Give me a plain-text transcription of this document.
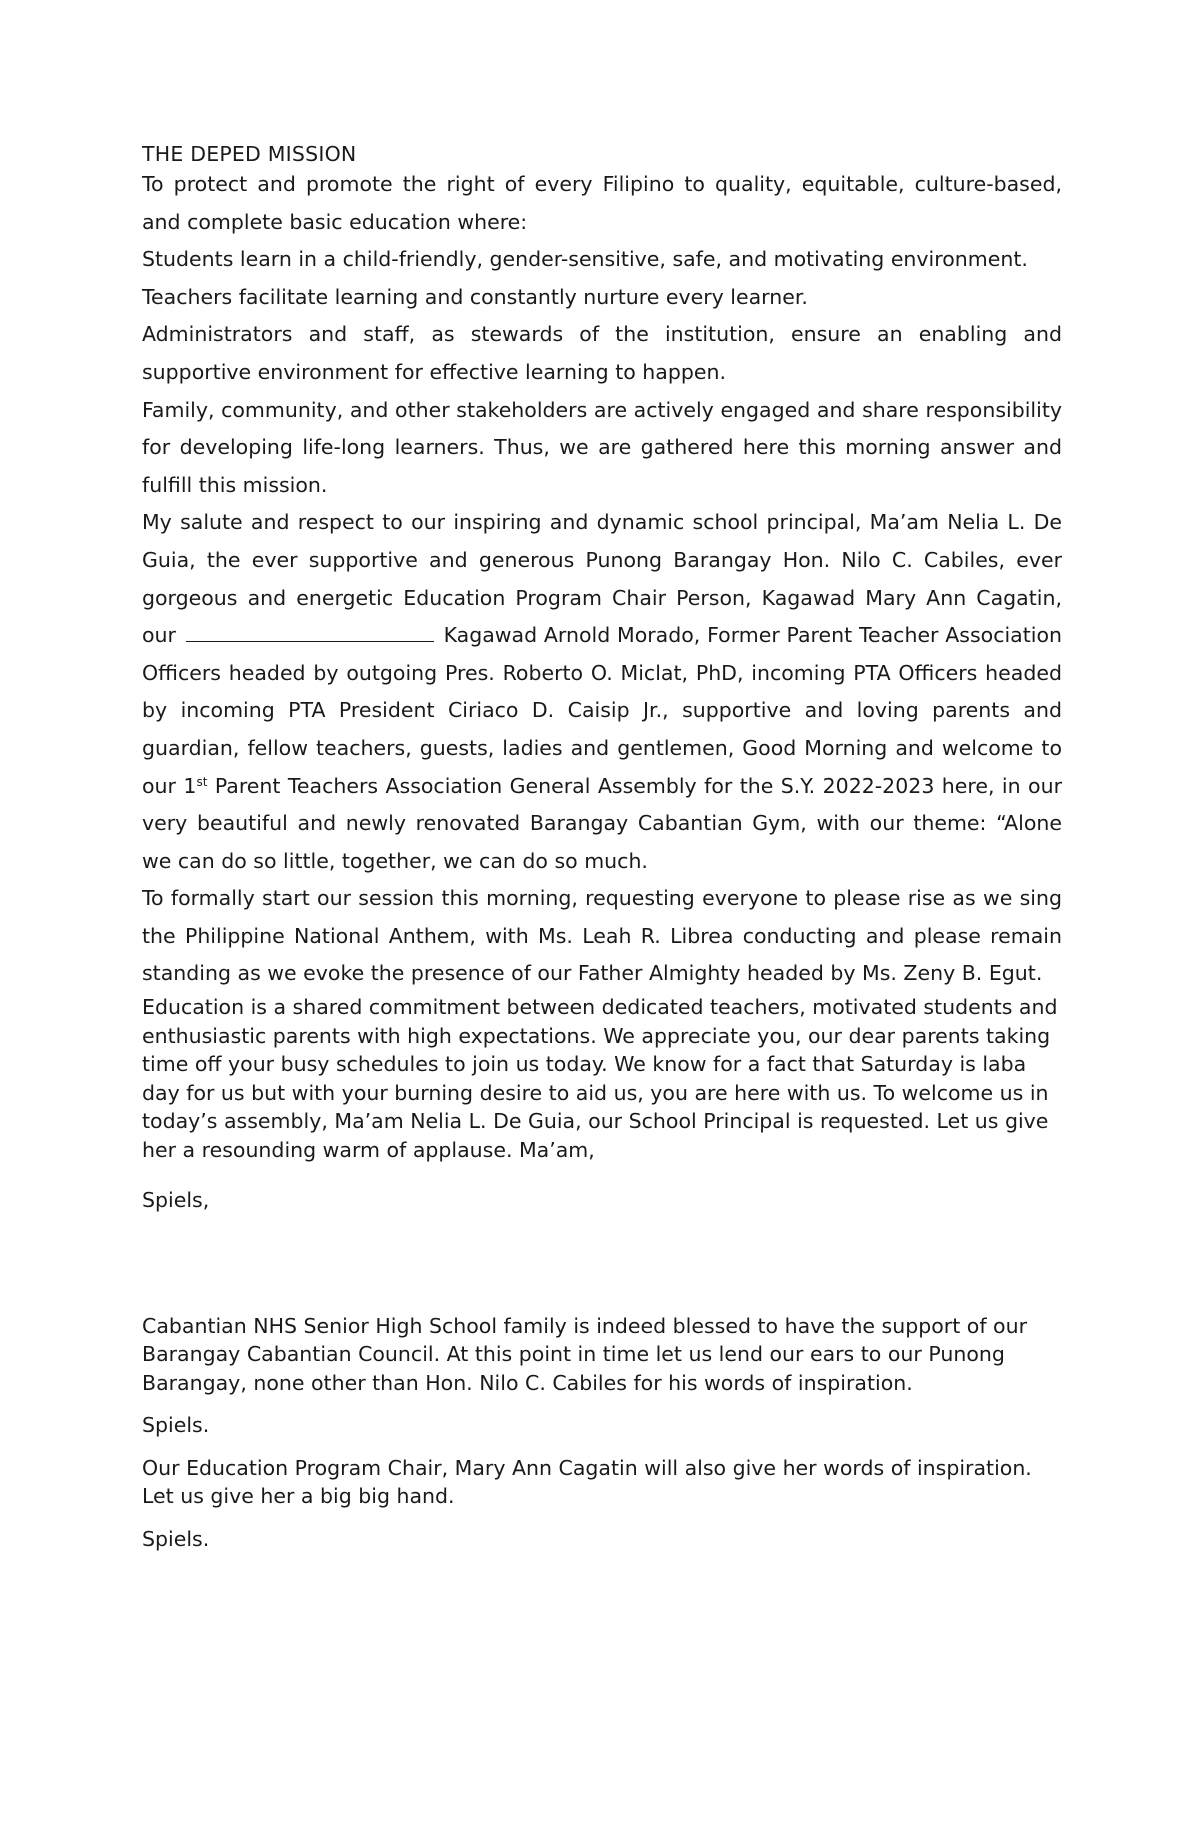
THE DEPED MISSION

To protect and promote the right of every Filipino to quality, equitable, culture-based, and complete basic education where:

Students learn in a child-friendly, gender-sensitive, safe, and motivating environment.

Teachers facilitate learning and constantly nurture every learner.

Administrators and staff, as stewards of the institution, ensure an enabling and supportive environment for effective learning to happen.

Family, community, and other stakeholders are actively engaged and share responsibility for developing life-long learners. Thus, we are gathered here this morning answer and fulfill this mission.

My salute and respect to our inspiring and dynamic school principal, Ma’am Nelia L. De Guia, the ever supportive and generous Punong Barangay Hon. Nilo C. Cabiles, ever gorgeous and energetic Education Program Chair Person, Kagawad Mary Ann Cagatin, our	Kagawad Arnold Morado, Former Parent Teacher Association Officers headed by outgoing Pres. Roberto O. Miclat, PhD, incoming PTA Officers headed by incoming PTA President Ciriaco D. Caisip Jr., supportive and loving parents and guardian, fellow teachers, guests, ladies and gentlemen, Good Morning and welcome to our 1st Parent Teachers Association General Assembly for the S.Y. 2022-2023 here, in our very beautiful and newly renovated Barangay Cabantian Gym, with our theme: “Alone we can do so little, together, we can do so much.

To formally start our session this morning, requesting everyone to please rise as we sing the Philippine National Anthem, with Ms. Leah R. Librea conducting and please remain standing as we evoke the presence of our Father Almighty headed by Ms. Zeny B. Egut.

Education is a shared commitment between dedicated teachers, motivated students and enthusiastic parents with high expectations. We appreciate you, our dear parents taking time off your busy schedules to join us today. We know for a fact that Saturday is laba day for us but with your burning desire to aid us, you are here with us. To welcome us in today’s assembly, Ma’am Nelia L. De Guia, our School Principal is requested. Let us give her a resounding warm of applause. Ma’am,

Spiels,

Cabantian NHS Senior High School family is indeed blessed to have the support of our Barangay Cabantian Council. At this point in time let us lend our ears to our Punong Barangay, none other than Hon. Nilo C. Cabiles for his words of inspiration.

Spiels.

Our Education Program Chair, Mary Ann Cagatin will also give her words of inspiration. Let us give her a big big hand.

Spiels.
